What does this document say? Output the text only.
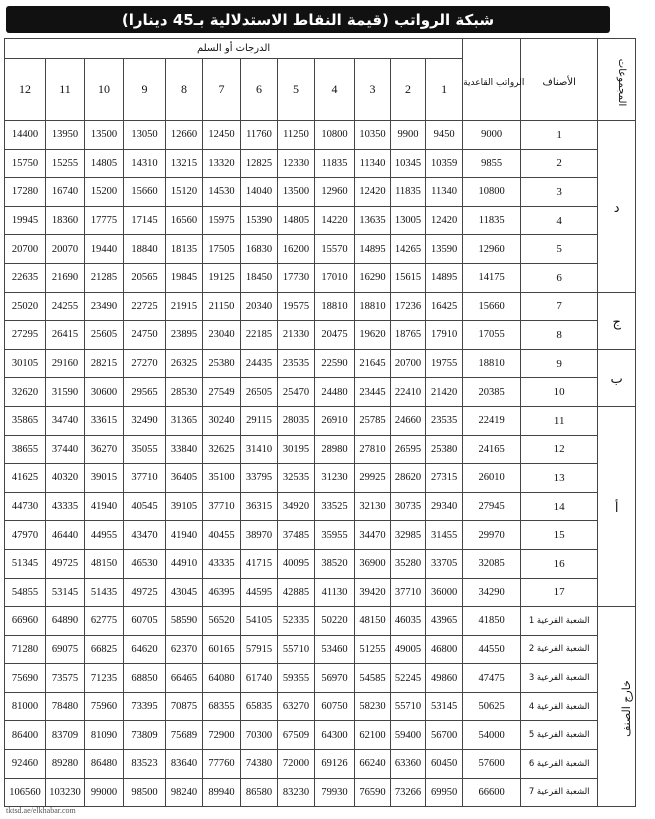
شبكة الرواتب (قيمة النقاط الاستدلالية بـ45 دينارا)
الدرجات أو السلم												الرواتب القاعدية	الأصناف	المجموعات
12	11	10	9	8	7	6	5	4	3	2	1			
14400	13950	13500	13050	12660	12450	11760	11250	10800	10350	9900	9450	9000	1	د
15750	15255	14805	14310	13215	13320	12825	12330	11835	11340	10345	10359	9855	2	
17280	16740	15200	15660	15120	14530	14040	13500	12960	12420	11835	11340	10800	3	
19945	18360	17775	17145	16560	15975	15390	14805	14220	13635	13005	12420	11835	4	
20700	20070	19440	18840	18135	17505	16830	16200	15570	14895	14265	13590	12960	5	
22635	21690	21285	20565	19845	19125	18450	17730	17010	16290	15615	14895	14175	6	
25020	24255	23490	22725	21915	21150	20340	19575	18810	18810	17236	16425	15660	7	ج
27295	26415	25605	24750	23895	23040	22185	21330	20475	19620	18765	17910	17055	8	
30105	29160	28215	27270	26325	25380	24435	23535	22590	21645	20700	19755	18810	9	ب
32620	31590	30600	29565	28530	27549	26505	25470	24480	23445	22410	21420	20385	10	
35865	34740	33615	32490	31365	30240	29115	28035	26910	25785	24660	23535	22419	11	أ
38655	37440	36270	35055	33840	32625	31410	30195	28980	27810	26595	25380	24165	12	
41625	40320	39015	37710	36405	35100	33795	32535	31230	29925	28620	27315	26010	13	
44730	43335	41940	40545	39105	37710	36315	34920	33525	32130	30735	29340	27945	14	
47970	46440	44955	43470	41940	40455	38970	37485	35955	34470	32985	31455	29970	15	
51345	49725	48150	46530	44910	43335	41715	40095	38520	36900	35280	33705	32085	16	
54855	53145	51435	49725	43045	46395	44595	42885	41130	39420	37710	36000	34290	17	
66960	64890	62775	60705	58590	56520	54105	52335	50220	48150	46035	43965	41850	الشعبة الفرعية 1	خارج الصنف
71280	69075	66825	64620	62370	60165	57915	55710	53460	51255	49005	46800	44550	الشعبة الفرعية 2	
75690	73575	71235	68850	66465	64080	61740	59355	56970	54585	52245	49860	47475	الشعبة الفرعية 3	
81000	78480	75960	73395	70875	68355	65835	63270	60750	58230	55710	53145	50625	الشعبة الفرعية 4	
86400	83709	81090	73809	75689	72900	70300	67509	64300	62100	59400	56700	54000	الشعبة الفرعية 5	
92460	89280	86480	83523	83640	77760	74380	72000	69126	66240	63360	60450	57600	الشعبة الفرعية 6	
106560	103230	99000	98500	98240	89940	86580	83230	79930	76590	73266	69950	66600	الشعبة الفرعية 7	
tktsd.ae/elkhabar.com
